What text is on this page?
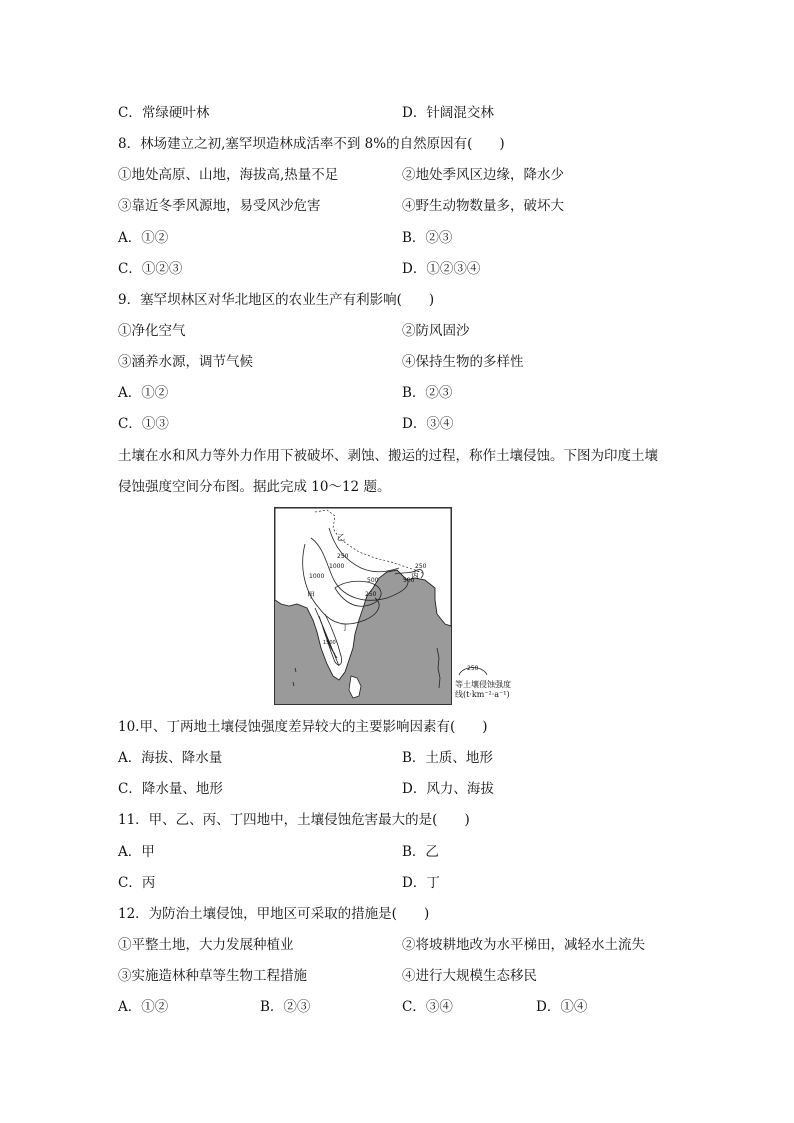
C．常绿硬叶林	D．针阔混交林
8．林场建立之初,塞罕坝造林成活率不到 8%的自然原因有(　　)
①地处高原、山地，海拔高,热量不足	②地处季风区边缘，降水少
③靠近冬季风源地，易受风沙危害	④野生动物数量多，破坏大
A．①②	B．②③
C．①②③	D．①②③④
9．塞罕坝林区对华北地区的农业生产有利影响(　　)
①净化空气	②防风固沙
③涵养水源，调节气候	④保持生物的多样性
A．①②	B．②③
C．①③	D．③④
土壤在水和风力等外力作用下被破坏、剥蚀、搬运的过程，称作土壤侵蚀。下图为印度土壤
侵蚀强度空间分布图。据此完成 10～12 题。
250
500
250
250
500
1000
1500
1000
甲
乙
丙
丁
250
等土壤侵蚀强度
线(t·km⁻²·a⁻¹)
10.甲、丁两地土壤侵蚀强度差异较大的主要影响因素有(　　)
A．海拔、降水量	B．土质、地形
C．降水量、地形	D．风力、海拔
11．甲、乙、丙、丁四地中，土壤侵蚀危害最大的是(　　)
A．甲	B．乙
C．丙	D．丁
12．为防治土壤侵蚀，甲地区可采取的措施是(　　)
①平整土地，大力发展种植业	②将坡耕地改为水平梯田，减轻水土流失
③实施造林种草等生物工程措施	④进行大规模生态移民
A．①②	B．②③	C．③④	D．①④
